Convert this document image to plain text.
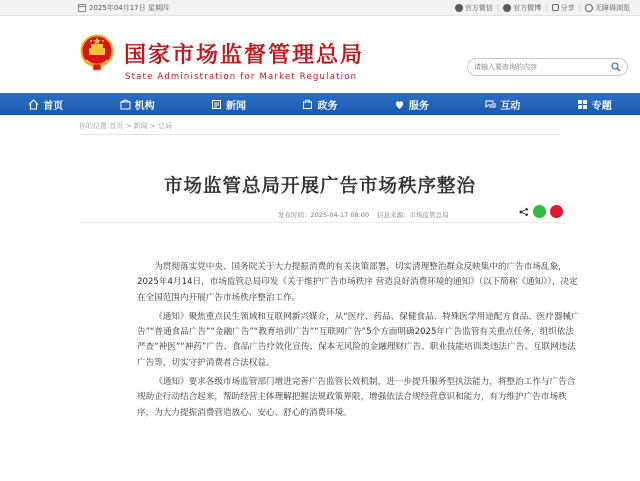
2025年04月17日 星期四	官方微信 | 官方微博 | 分享 | 无障碍浏览
国家市场监督管理总局
State Administration for Market Regulation
请输入要查询的内容
首页	机构	新闻	政务	服务	互动	专题
你的位置:首页 > 新闻 > 总局
市场监管总局开展广告市场秩序整治
发布时间：2025-04-17 08:00 信息来源：市场监管总局

为贯彻落实党中央、国务院关于大力提振消费的有关决策部署，切实清理整治群众反映集中的广告市场乱象，2025年4月14日，市场监管总局印发《关于维护广告市场秩序 营造良好消费环境的通知》（以下简称《通知》），决定在全国范围内开展广告市场秩序整治工作。

《通知》聚焦重点民生领域和互联网新兴媒介，从“医疗、药品、保健食品、特殊医学用途配方食品、医疗器械广告”“普通食品广告”“金融广告”“教育培训广告”“互联网广告”5个方面明确2025年广告监管有关重点任务，组织依法严查“神医”“神药”广告、食品广告疗效化宣传、保本无风险的金融理财广告、职业技能培训类违法广告、互联网违法广告等，切实守护消费者合法权益。

《通知》要求各级市场监管部门增进完善广告监管长效机制，进一步提升服务型执法能力，将整治工作与广告合规助企行动结合起来，帮助经营主体理解把握法规政策界限，增强依法合规经营意识和能力，有力维护广告市场秩序，为大力提振消费营造放心、安心、舒心的消费环境。
